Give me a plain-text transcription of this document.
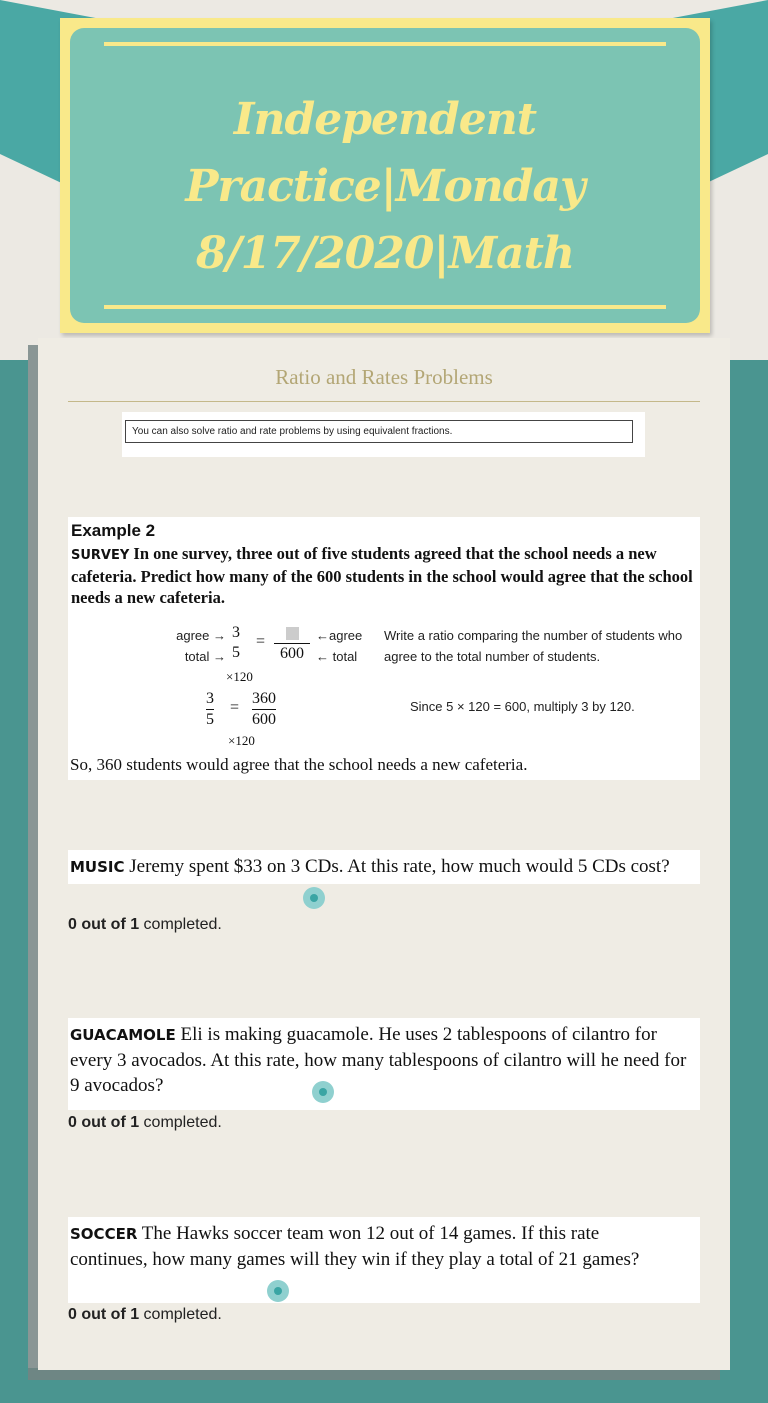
Independent Practice|Monday 8/17/2020|Math
Ratio and Rates Problems
You can also solve ratio and rate problems by using equivalent fractions.
Example 2
SURVEY In one survey, three out of five students agreed that the school needs a new cafeteria. Predict how many of the 600 students in the school would agree that the school needs a new cafeteria.
agree →
total →
3
5
=
600
←agree
← total
Write a ratio comparing the number of students who agree to the total number of students.
×120
$\frac{3}{5} = \frac{360}{600}$
×120
Since 5 × 120 = 600, multiply 3 by 120.
So, 360 students would agree that the school needs a new cafeteria.
MUSIC Jeremy spent $33 on 3 CDs. At this rate, how much would 5 CDs cost?
0 out of 1 completed.
GUACAMOLE Eli is making guacamole. He uses 2 tablespoons of cilantro for every 3 avocados. At this rate, how many tablespoons of cilantro will he need for 9 avocados?
0 out of 1 completed.
SOCCER The Hawks soccer team won 12 out of 14 games. If this rate continues, how many games will they win if they play a total of 21 games?
0 out of 1 completed.
